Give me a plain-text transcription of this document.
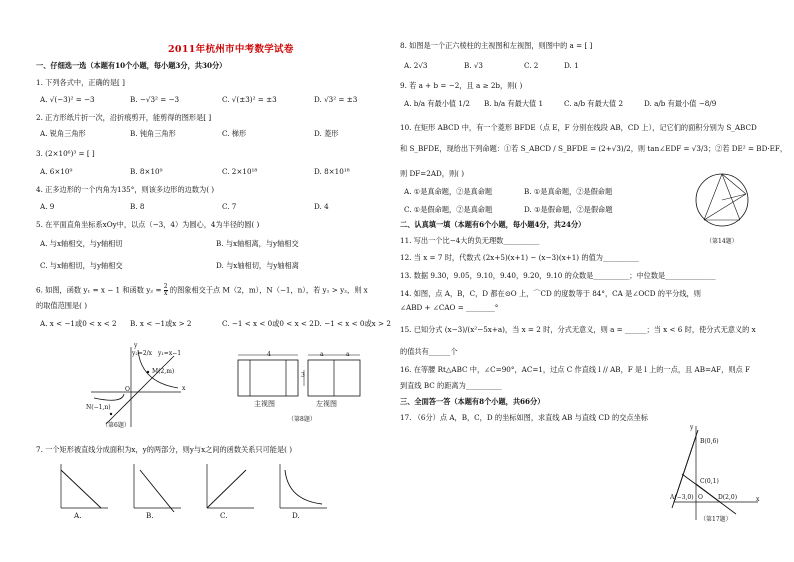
2011年杭州市中考数学试卷
一、仔细选一选（本题有10个小题，每小题3分，共30分）
1. 下列各式中，正确的是[ ]
A. √(−3)² = −3	B. −√3² = −3	C. √(±3)² = ±3	D. √3² = ±3
2. 正方形纸片折一次，沿折痕剪开，能剪得的图形是[ ]
A. 锐角三角形	B. 钝角三角形	C. 梯形	D. 菱形
3. (2×10⁶)³ = [ ]
A. 6×10⁹	B. 8×10⁹	C. 2×10¹⁸	D. 8×10¹⁸
4. 正多边形的一个内角为135°，则该多边形的边数为( )
A. 9	B. 8	C. 7	D. 4
5. 在平面直角坐标系xOy中，以点（−3，4）为圆心，4为半径的圆( )
A. 与x轴相交，与y轴相切	B. 与x轴相离，与y轴相交
C. 与x轴相切，与y轴相交	D. 与x轴相切，与y轴相离
6. 如图，函数 y₁ = x − 1 和函数 $y_2 = \frac{2}{x}$ 的图象相交于点 M（2，m），N（−1，n），若 y₁ > y₂，则 x
的取值范围是( )
A. x < −1或0 < x < 2 B. x < −1或x > 2	C. −1 < x < 0或0 < x < 2 D. −1 < x < 0或x > 2
y₂=2/x y₁=x−1
M(2,m)
N(−1,n)
O	x
y
（第6题）
4	a	a
3
主视图	左视图
（第8题）
7. 一个矩形被直线分成面积为x，y的两部分，则y与x之间的函数关系只可能是( )
A.	B.	C.	D.
8. 如图是一个正六棱柱的主视图和左视图，则图中的 a = [ ]
A. 2√3	B. √3	C. 2	D. 1
9. 若 a + b = −2，且 a ≥ 2b，则( )
A. b/a 有最小值 1/2 B. b/a 有最大值 1	C. a/b 有最大值 2	D. a/b 有最小值 −8/9
10. 在矩形 ABCD 中，有一个菱形 BFDE（点 E，F 分别在线段 AB，CD 上），记它们的面积分别为 S_ABCD
和 S_BFDE，现给出下列命题：①若 S_ABCD / S_BFDE = (2+√3)/2，则 tan∠EDF = √3/3；②若 DE² = BD·EF，
则 DF=2AD，则( )
A. ①是真命题，②是真命题	B. ①是真命题，②是假命题
C. ①是假命题，②是真命题	D. ①是假命题，②是假命题
（第14题）
二、认真填一填（本题有6个小题，每小题4分，共24分）
11. 写出一个比−4大的负无理数__________
12. 当 x = 7 时，代数式 (2x+5)(x+1) − (x−3)(x+1) 的值为__________
13. 数据 9.30，9.05，9.10，9.40，9.20，9.10 的众数是__________；中位数是______________
14. 如图，点 A，B，C，D 都在⊙O 上，⌒CD 的度数等于 84°，CA 是∠OCD 的平分线，则
∠ABD + ∠CAO = ________°
15. 已知分式 (x−3)/(x²−5x+a)，当 x = 2 时，分式无意义，则 a = ______；当 x < 6 时，使分式无意义的 x
的值共有______个
16. 在等腰 Rt△ABC 中，∠C=90°，AC=1，过点 C 作直线 l // AB，F 是 l 上的一点，且 AB=AF，则点 F
到直线 BC 的距离为__________
三、全面答一答（本题有8个小题，共66分）
17. （6分）点 A，B，C，D 的坐标如图，求直线 AB 与直线 CD 的交点坐标
B(0,6)
C(0,1)
A(−3,0) O	D(2,0)	x
y
（第17题）
